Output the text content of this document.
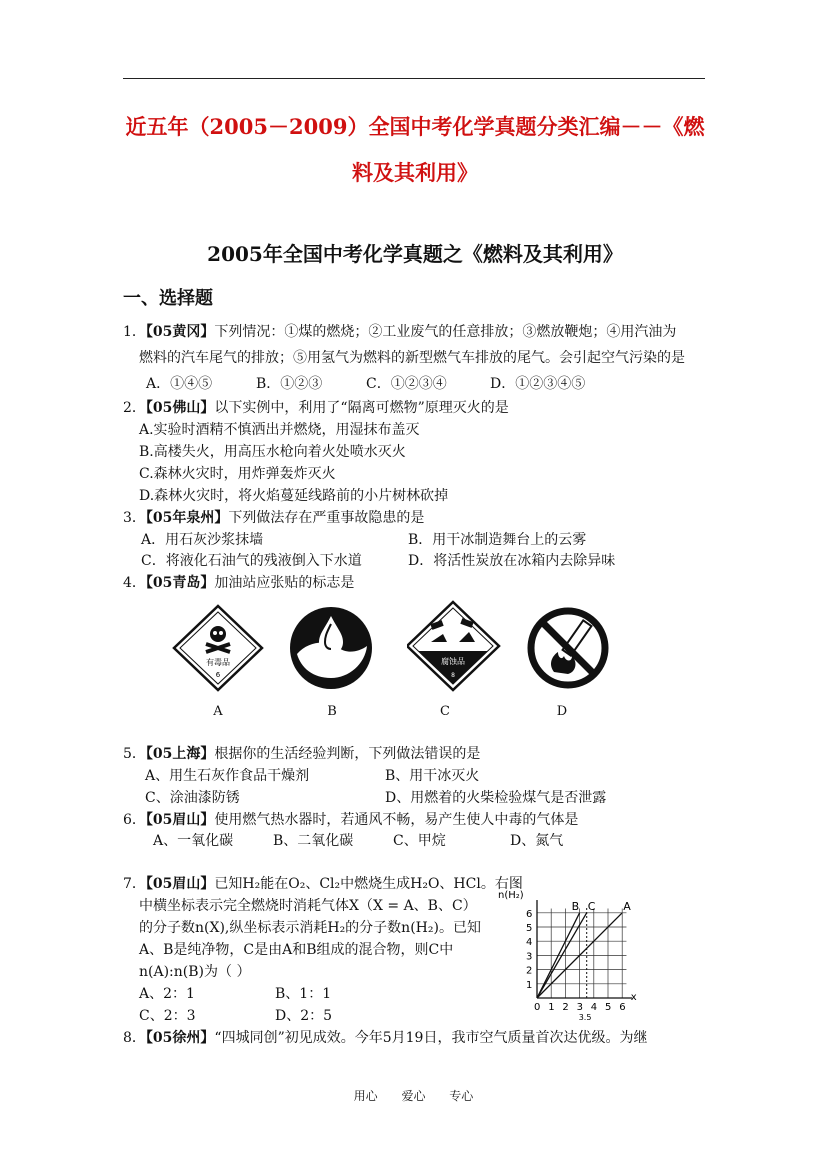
近五年（2005－2009）全国中考化学真题分类汇编－－《燃
料及其利用》
2005年全国中考化学真题之《燃料及其利用》
一、选择题
1．【05黄冈】下列情况：①煤的燃烧；②工业废气的任意排放；③燃放鞭炮；④用汽油为
燃料的汽车尾气的排放；⑤用氢气为燃料的新型燃气车排放的尾气。会引起空气污染的是
A．①④⑤	B．①②③	C．①②③④	D．①②③④⑤
2．【05佛山】以下实例中，利用了“隔离可燃物”原理灭火的是
A.实验时酒精不慎洒出并燃烧，用湿抹布盖灭
B.高楼失火，用高压水枪向着火处喷水灭火
C.森林火灾时，用炸弹轰炸灭火
D.森林火灾时，将火焰蔓延线路前的小片树林砍掉
3．【05年泉州】下列做法存在严重事故隐患的是
A．用石灰沙浆抹墙	B．用干冰制造舞台上的云雾
C．将液化石油气的残液倒入下水道	D．将活性炭放在冰箱内去除异味
4．【05青岛】加油站应张贴的标志是
有毒品
6
腐蚀品
8
A	B	C	D
5．【05上海】根据你的生活经验判断，下列做法错误的是
A、用生石灰作食品干燥剂	B、用干冰灭火
C、涂油漆防锈	D、用燃着的火柴检验煤气是否泄露
6．【05眉山】使用燃气热水器时，若通风不畅，易产生使人中毒的气体是
A、一氧化碳	B、二氧化碳	C、甲烷	D、氮气
7．【05眉山】已知H₂能在O₂、Cl₂中燃烧生成H₂O、HCl。右图
中横坐标表示完全燃烧时消耗气体X（X = A、B、C）
的分子数n(X),纵坐标表示消耗H₂的分子数n(H₂)。已知
A、B是纯净物，C是由A和B组成的混合物，则C中
n(A):n(B)为（ ）
A、2：1	B、1：1
C、2：3	D、2：5
B C	A
0 1 2 3 4 5 6
1
2
3
4
5
6
3.5
n(H₂)
x
8．【05徐州】“四城同创”初见成效。今年5月19日，我市空气质量首次达优级。为继
用心 爱心 专心
